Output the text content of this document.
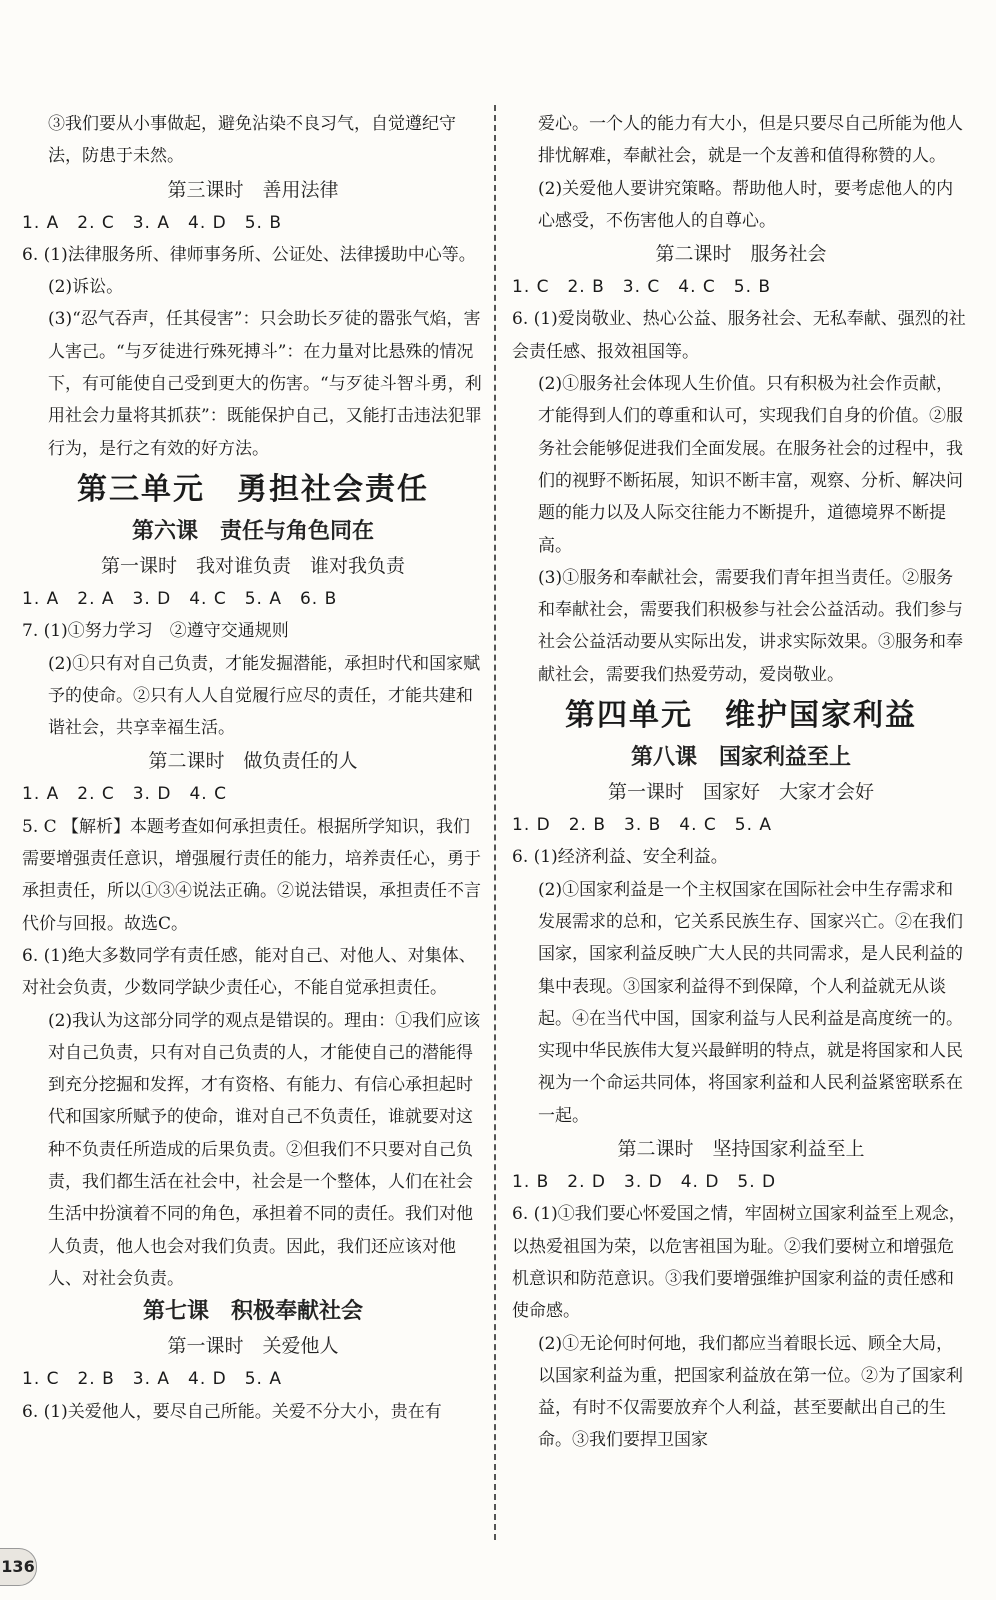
③我们要从小事做起，避免沾染不良习气，自觉遵纪守法，防患于未然。

第三课时　善用法律

1. A　2. C　3. A　4. D　5. B

6. (1)法律服务所、律师事务所、公证处、法律援助中心等。

(2)诉讼。

(3)“忍气吞声，任其侵害”：只会助长歹徒的嚣张气焰，害人害己。“与歹徒进行殊死搏斗”：在力量对比悬殊的情况下，有可能使自己受到更大的伤害。“与歹徒斗智斗勇，利用社会力量将其抓获”：既能保护自己，又能打击违法犯罪行为，是行之有效的好方法。

第三单元　勇担社会责任
第六课　责任与角色同在
第一课时　我对谁负责　谁对我负责

1. A　2. A　3. D　4. C　5. A　6. B

7. (1)①努力学习　②遵守交通规则

(2)①只有对自己负责，才能发掘潜能，承担时代和国家赋予的使命。②只有人人自觉履行应尽的责任，才能共建和谐社会，共享幸福生活。

第二课时　做负责任的人

1. A　2. C　3. D　4. C

5. C 【解析】本题考查如何承担责任。根据所学知识，我们需要增强责任意识，增强履行责任的能力，培养责任心，勇于承担责任，所以①③④说法正确。②说法错误，承担责任不言代价与回报。故选C。

6. (1)绝大多数同学有责任感，能对自己、对他人、对集体、对社会负责，少数同学缺少责任心，不能自觉承担责任。

(2)我认为这部分同学的观点是错误的。理由：①我们应该对自己负责，只有对自己负责的人，才能使自己的潜能得到充分挖掘和发挥，才有资格、有能力、有信心承担起时代和国家所赋予的使命，谁对自己不负责任，谁就要对这种不负责任所造成的后果负责。②但我们不只要对自己负责，我们都生活在社会中，社会是一个整体，人们在社会生活中扮演着不同的角色，承担着不同的责任。我们对他人负责，他人也会对我们负责。因此，我们还应该对他人、对社会负责。

第七课　积极奉献社会
第一课时　关爱他人

1. C　2. B　3. A　4. D　5. A

6. (1)关爱他人，要尽自己所能。关爱不分大小，贵在有

爱心。一个人的能力有大小，但是只要尽自己所能为他人排忧解难，奉献社会，就是一个友善和值得称赞的人。

(2)关爱他人要讲究策略。帮助他人时，要考虑他人的内心感受，不伤害他人的自尊心。

第二课时　服务社会

1. C　2. B　3. C　4. C　5. B

6. (1)爱岗敬业、热心公益、服务社会、无私奉献、强烈的社会责任感、报效祖国等。

(2)①服务社会体现人生价值。只有积极为社会作贡献，才能得到人们的尊重和认可，实现我们自身的价值。②服务社会能够促进我们全面发展。在服务社会的过程中，我们的视野不断拓展，知识不断丰富，观察、分析、解决问题的能力以及人际交往能力不断提升，道德境界不断提高。

(3)①服务和奉献社会，需要我们青年担当责任。②服务和奉献社会，需要我们积极参与社会公益活动。我们参与社会公益活动要从实际出发，讲求实际效果。③服务和奉献社会，需要我们热爱劳动，爱岗敬业。

第四单元　维护国家利益
第八课　国家利益至上
第一课时　国家好　大家才会好

1. D　2. B　3. B　4. C　5. A

6. (1)经济利益、安全利益。

(2)①国家利益是一个主权国家在国际社会中生存需求和发展需求的总和，它关系民族生存、国家兴亡。②在我们国家，国家利益反映广大人民的共同需求，是人民利益的集中表现。③国家利益得不到保障，个人利益就无从谈起。④在当代中国，国家利益与人民利益是高度统一的。实现中华民族伟大复兴最鲜明的特点，就是将国家和人民视为一个命运共同体，将国家利益和人民利益紧密联系在一起。

第二课时　坚持国家利益至上

1. B　2. D　3. D　4. D　5. D

6. (1)①我们要心怀爱国之情，牢固树立国家利益至上观念，以热爱祖国为荣，以危害祖国为耻。②我们要树立和增强危机意识和防范意识。③我们要增强维护国家利益的责任感和使命感。

(2)①无论何时何地，我们都应当着眼长远、顾全大局，以国家利益为重，把国家利益放在第一位。②为了国家利益，有时不仅需要放弃个人利益，甚至要献出自己的生命。③我们要捍卫国家

136
